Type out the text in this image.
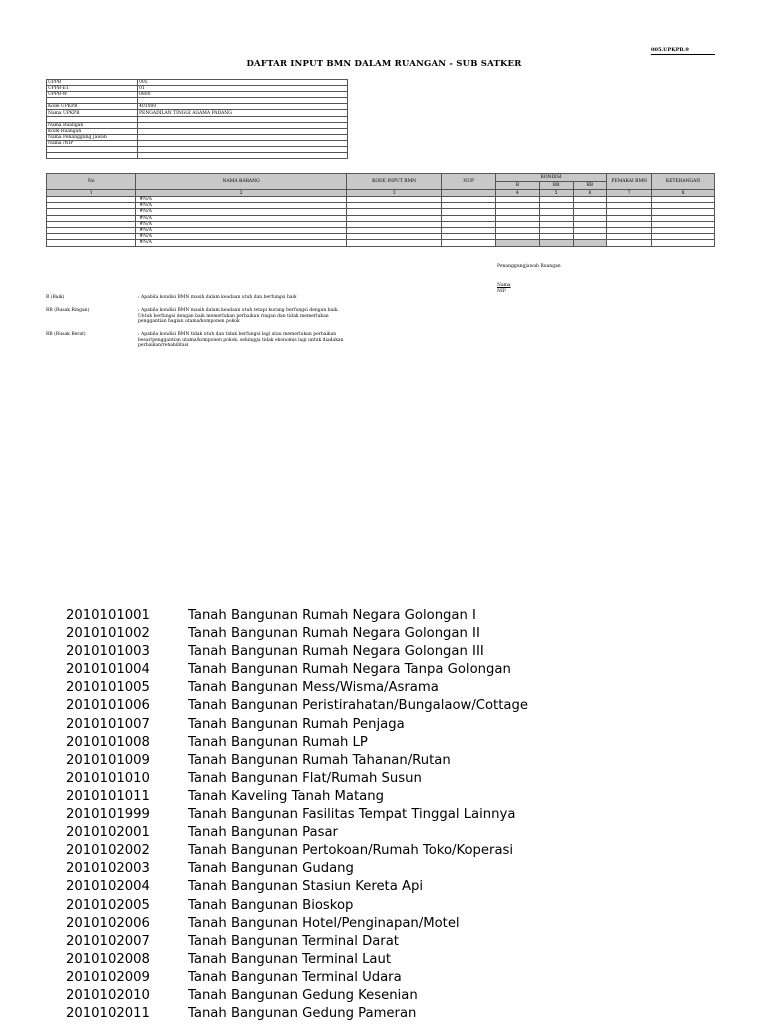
005.UPKPB.9
DAFTAR INPUT BMN DALAM RUANGAN - SUB SATKER
UPPB	005
UPPB-E1	01
UPPB-W	0800

Kode UPKPB	401000
Nama UPKPB	PENGADILAN TINGGI AGAMA PADANG

Nama Ruangan	
Kode Ruangan	
Nama Penanggung Jawab	
Nama /NIP	

No	NAMA BARANG	KODE INPUT BMN	NUP	KONDISI			PEMAKAI BMN	KETERANGAN
				B	RR	RB		
1	2	3		4	5	6	7	8
	#N/A							
	#N/A							
	#N/A							
	#N/A							
	#N/A							
	#N/A							
	#N/A							
	#N/A							
Penanggungjawab Ruangan
Nama
NIP
B (Baik)	: Apabila kondisi BMN masih dalam keadaan utuh dan berfungsi baik
RR (Rusak Ringan)	: Apabila kondisi BMN masih dalam keadaan utuh tetapi kurang berfungsi dengan baik. Untuk berfungsi dengan baik memerlukan perbaikan ringan dan tidak memerlukan penggantian bagian utama/komponen pokok
RB (Rusak Berat)	: Apabila kondisi BMN tidak utuh dan tidak berfungsi lagi atau memerlukan perbaikan besar/penggantian utama/komponen pokok, sehingga tidak ekonomis lagi untuk diadakan perbaikan/rehabilitasi
2010101001	Tanah Bangunan Rumah Negara Golongan I
2010101002	Tanah Bangunan Rumah Negara Golongan II
2010101003	Tanah Bangunan Rumah Negara Golongan III
2010101004	Tanah Bangunan Rumah Negara Tanpa Golongan
2010101005	Tanah Bangunan Mess/Wisma/Asrama
2010101006	Tanah Bangunan Peristirahatan/Bungalaow/Cottage
2010101007	Tanah Bangunan Rumah Penjaga
2010101008	Tanah Bangunan Rumah LP
2010101009	Tanah Bangunan Rumah Tahanan/Rutan
2010101010	Tanah Bangunan Flat/Rumah Susun
2010101011	Tanah Kaveling Tanah Matang
2010101999	Tanah Bangunan Fasilitas Tempat Tinggal Lainnya
2010102001	Tanah Bangunan Pasar
2010102002	Tanah Bangunan Pertokoan/Rumah Toko/Koperasi
2010102003	Tanah Bangunan Gudang
2010102004	Tanah Bangunan Stasiun Kereta Api
2010102005	Tanah Bangunan Bioskop
2010102006	Tanah Bangunan Hotel/Penginapan/Motel
2010102007	Tanah Bangunan Terminal Darat
2010102008	Tanah Bangunan Terminal Laut
2010102009	Tanah Bangunan Terminal Udara
2010102010	Tanah Bangunan Gedung Kesenian
2010102011	Tanah Bangunan Gedung Pameran
